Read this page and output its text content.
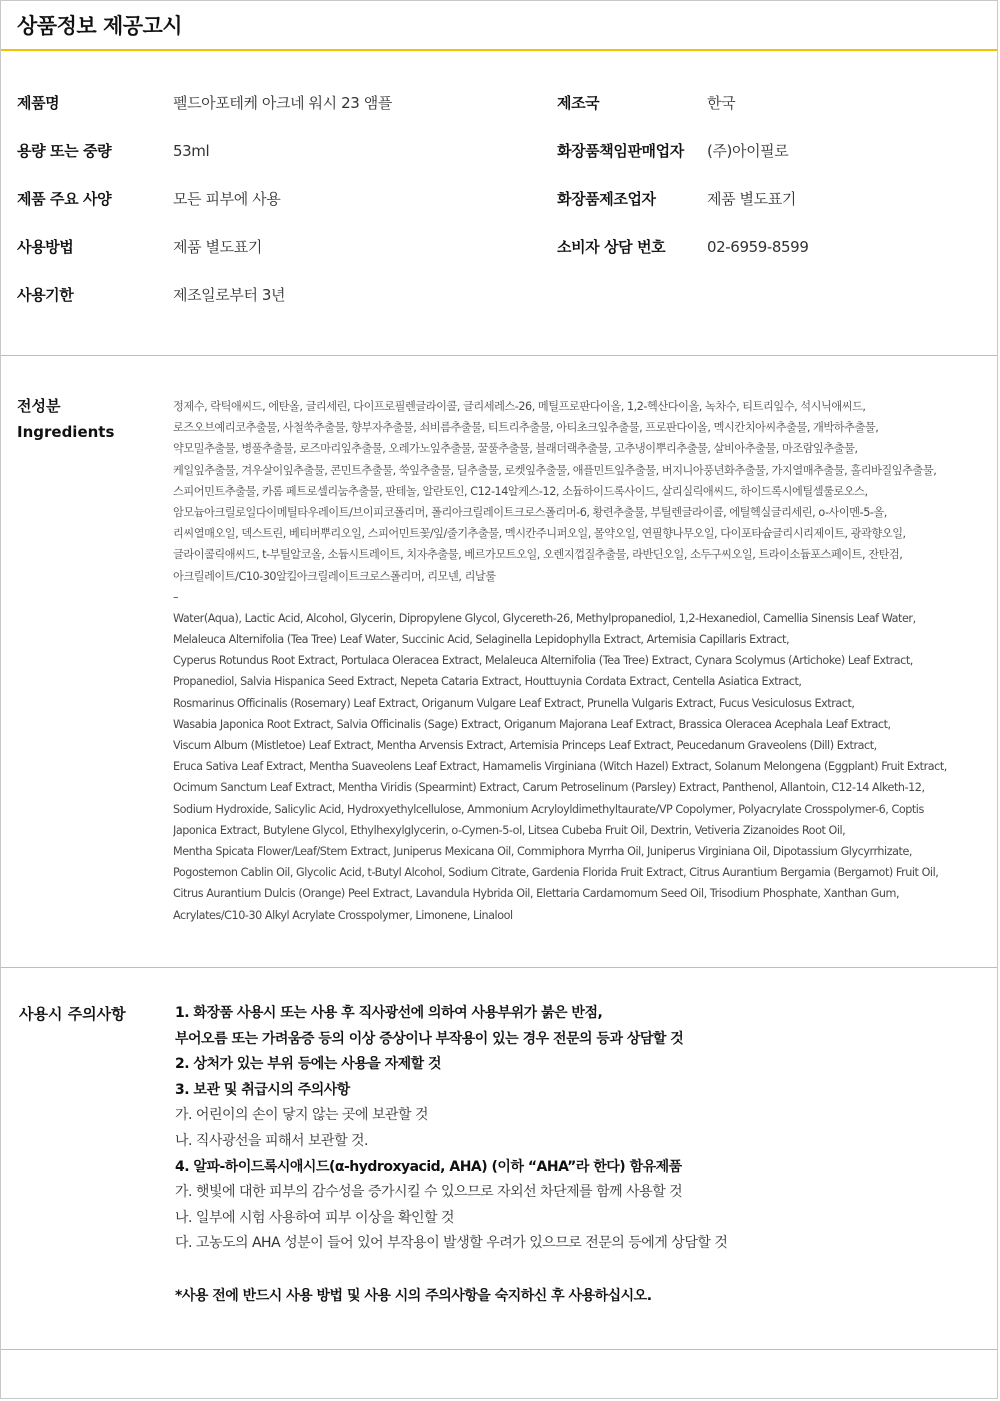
상품정보 제공고시
제품명	펠드아포테케 아크네 워시 23 앰플
용량 또는 중량	53ml
제품 주요 사양	모든 피부에 사용
사용방법	제품 별도표기
사용기한	제조일로부터 3년
제조국	한국
화장품책임판매업자 (주)아이필로
화장품제조업자	제품 별도표기
소비자 상담 번호	02-6959-8599
전성분
Ingredients
정제수, 락틱애씨드, 에탄올, 글리세린, 다이프로필렌글라이콜, 글리세레스-26, 메틸프로판다이올, 1,2-헥산다이올, 녹차수, 티트리잎수, 석시닉애씨드,
로즈오브예리코추출물, 사철쑥추출물, 향부자추출물, 쇠비름추출물, 티트리추출물, 아티초크잎추출물, 프로판다이올, 멕시칸치아씨추출물, 개박하추출물,
약모밀추출물, 병풀추출물, 로즈마리잎추출물, 오레가노잎추출물, 꿀풀추출물, 블래더랙추출물, 고추냉이뿌리추출물, 살비아추출물, 마조람잎추출물,
케일잎추출물, 겨우살이잎추출물, 콘민트추출물, 쑥잎추출물, 딜추출물, 로켓잎추출물, 애플민트잎추출물, 버지니아풍년화추출물, 가지열매추출물, 홀리바질잎추출물,
스피어민트추출물, 카롬 페트로셀리눔추출물, 판테놀, 알란토인, C12-14알케스-12, 소듐하이드록사이드, 살리실릭애씨드, 하이드록시에틸셀룰로오스,
암모늄아크릴로일다이메틸타우레이트/브이피코폴리머, 폴리아크릴레이트크로스폴리머-6, 황련추출물, 부틸렌글라이콜, 에틸헥실글리세린, o-사이멘-5-올,
리씨열매오일, 덱스트린, 베티버뿌리오일, 스피어민트꽃/잎/줄기추출물, 멕시칸주니퍼오일, 몰약오일, 연필향나무오일, 다이포타슘글리시리제이트, 광곽향오일,
글라이콜릭애씨드, t-부틸알코올, 소듐시트레이트, 치자추출물, 베르가모트오일, 오렌지껍질추출물, 라반딘오일, 소두구씨오일, 트라이소듐포스페이트, 잔탄검,
아크릴레이트/C10-30알킬아크릴레이트크로스폴리머, 리모넨, 리날룰
–
Water(Aqua), Lactic Acid, Alcohol, Glycerin, Dipropylene Glycol, Glycereth-26, Methylpropanediol, 1,2-Hexanediol, Camellia Sinensis Leaf Water,
Melaleuca Alternifolia (Tea Tree) Leaf Water, Succinic Acid, Selaginella Lepidophylla Extract, Artemisia Capillaris Extract,
Cyperus Rotundus Root Extract, Portulaca Oleracea Extract, Melaleuca Alternifolia (Tea Tree) Extract, Cynara Scolymus (Artichoke) Leaf Extract,
Propanediol, Salvia Hispanica Seed Extract, Nepeta Cataria Extract, Houttuynia Cordata Extract, Centella Asiatica Extract,
Rosmarinus Officinalis (Rosemary) Leaf Extract, Origanum Vulgare Leaf Extract, Prunella Vulgaris Extract, Fucus Vesiculosus Extract,
Wasabia Japonica Root Extract, Salvia Officinalis (Sage) Extract, Origanum Majorana Leaf Extract, Brassica Oleracea Acephala Leaf Extract,
Viscum Album (Mistletoe) Leaf Extract, Mentha Arvensis Extract, Artemisia Princeps Leaf Extract, Peucedanum Graveolens (Dill) Extract,
Eruca Sativa Leaf Extract, Mentha Suaveolens Leaf Extract, Hamamelis Virginiana (Witch Hazel) Extract, Solanum Melongena (Eggplant) Fruit Extract,
Ocimum Sanctum Leaf Extract, Mentha Viridis (Spearmint) Extract, Carum Petroselinum (Parsley) Extract, Panthenol, Allantoin, C12-14 Alketh-12,
Sodium Hydroxide, Salicylic Acid, Hydroxyethylcellulose, Ammonium Acryloyldimethyltaurate/VP Copolymer, Polyacrylate Crosspolymer-6, Coptis
Japonica Extract, Butylene Glycol, Ethylhexylglycerin, o-Cymen-5-ol, Litsea Cubeba Fruit Oil, Dextrin, Vetiveria Zizanoides Root Oil,
Mentha Spicata Flower/Leaf/Stem Extract, Juniperus Mexicana Oil, Commiphora Myrrha Oil, Juniperus Virginiana Oil, Dipotassium Glycyrrhizate,
Pogostemon Cablin Oil, Glycolic Acid, t-Butyl Alcohol, Sodium Citrate, Gardenia Florida Fruit Extract, Citrus Aurantium Bergamia (Bergamot) Fruit Oil,
Citrus Aurantium Dulcis (Orange) Peel Extract, Lavandula Hybrida Oil, Elettaria Cardamomum Seed Oil, Trisodium Phosphate, Xanthan Gum,
Acrylates/C10-30 Alkyl Acrylate Crosspolymer, Limonene, Linalool
사용시 주의사항	1. 화장품 사용시 또는 사용 후 직사광선에 의하여 사용부위가 붉은 반점,
부어오름 또는 가려움증 등의 이상 증상이나 부작용이 있는 경우 전문의 등과 상담할 것
2. 상처가 있는 부위 등에는 사용을 자제할 것
3. 보관 및 취급시의 주의사항
가. 어린이의 손이 닿지 않는 곳에 보관할 것
나. 직사광선을 피해서 보관할 것.
4. 알파-하이드록시애시드(α-hydroxyacid, AHA) (이하 “AHA”라 한다) 함유제품
가. 햇빛에 대한 피부의 감수성을 증가시킬 수 있으므로 자외선 차단제를 함께 사용할 것
나. 일부에 시험 사용하여 피부 이상을 확인할 것
다. 고농도의 AHA 성분이 들어 있어 부작용이 발생할 우려가 있으므로 전문의 등에게 상담할 것
*사용 전에 반드시 사용 방법 및 사용 시의 주의사항을 숙지하신 후 사용하십시오.
